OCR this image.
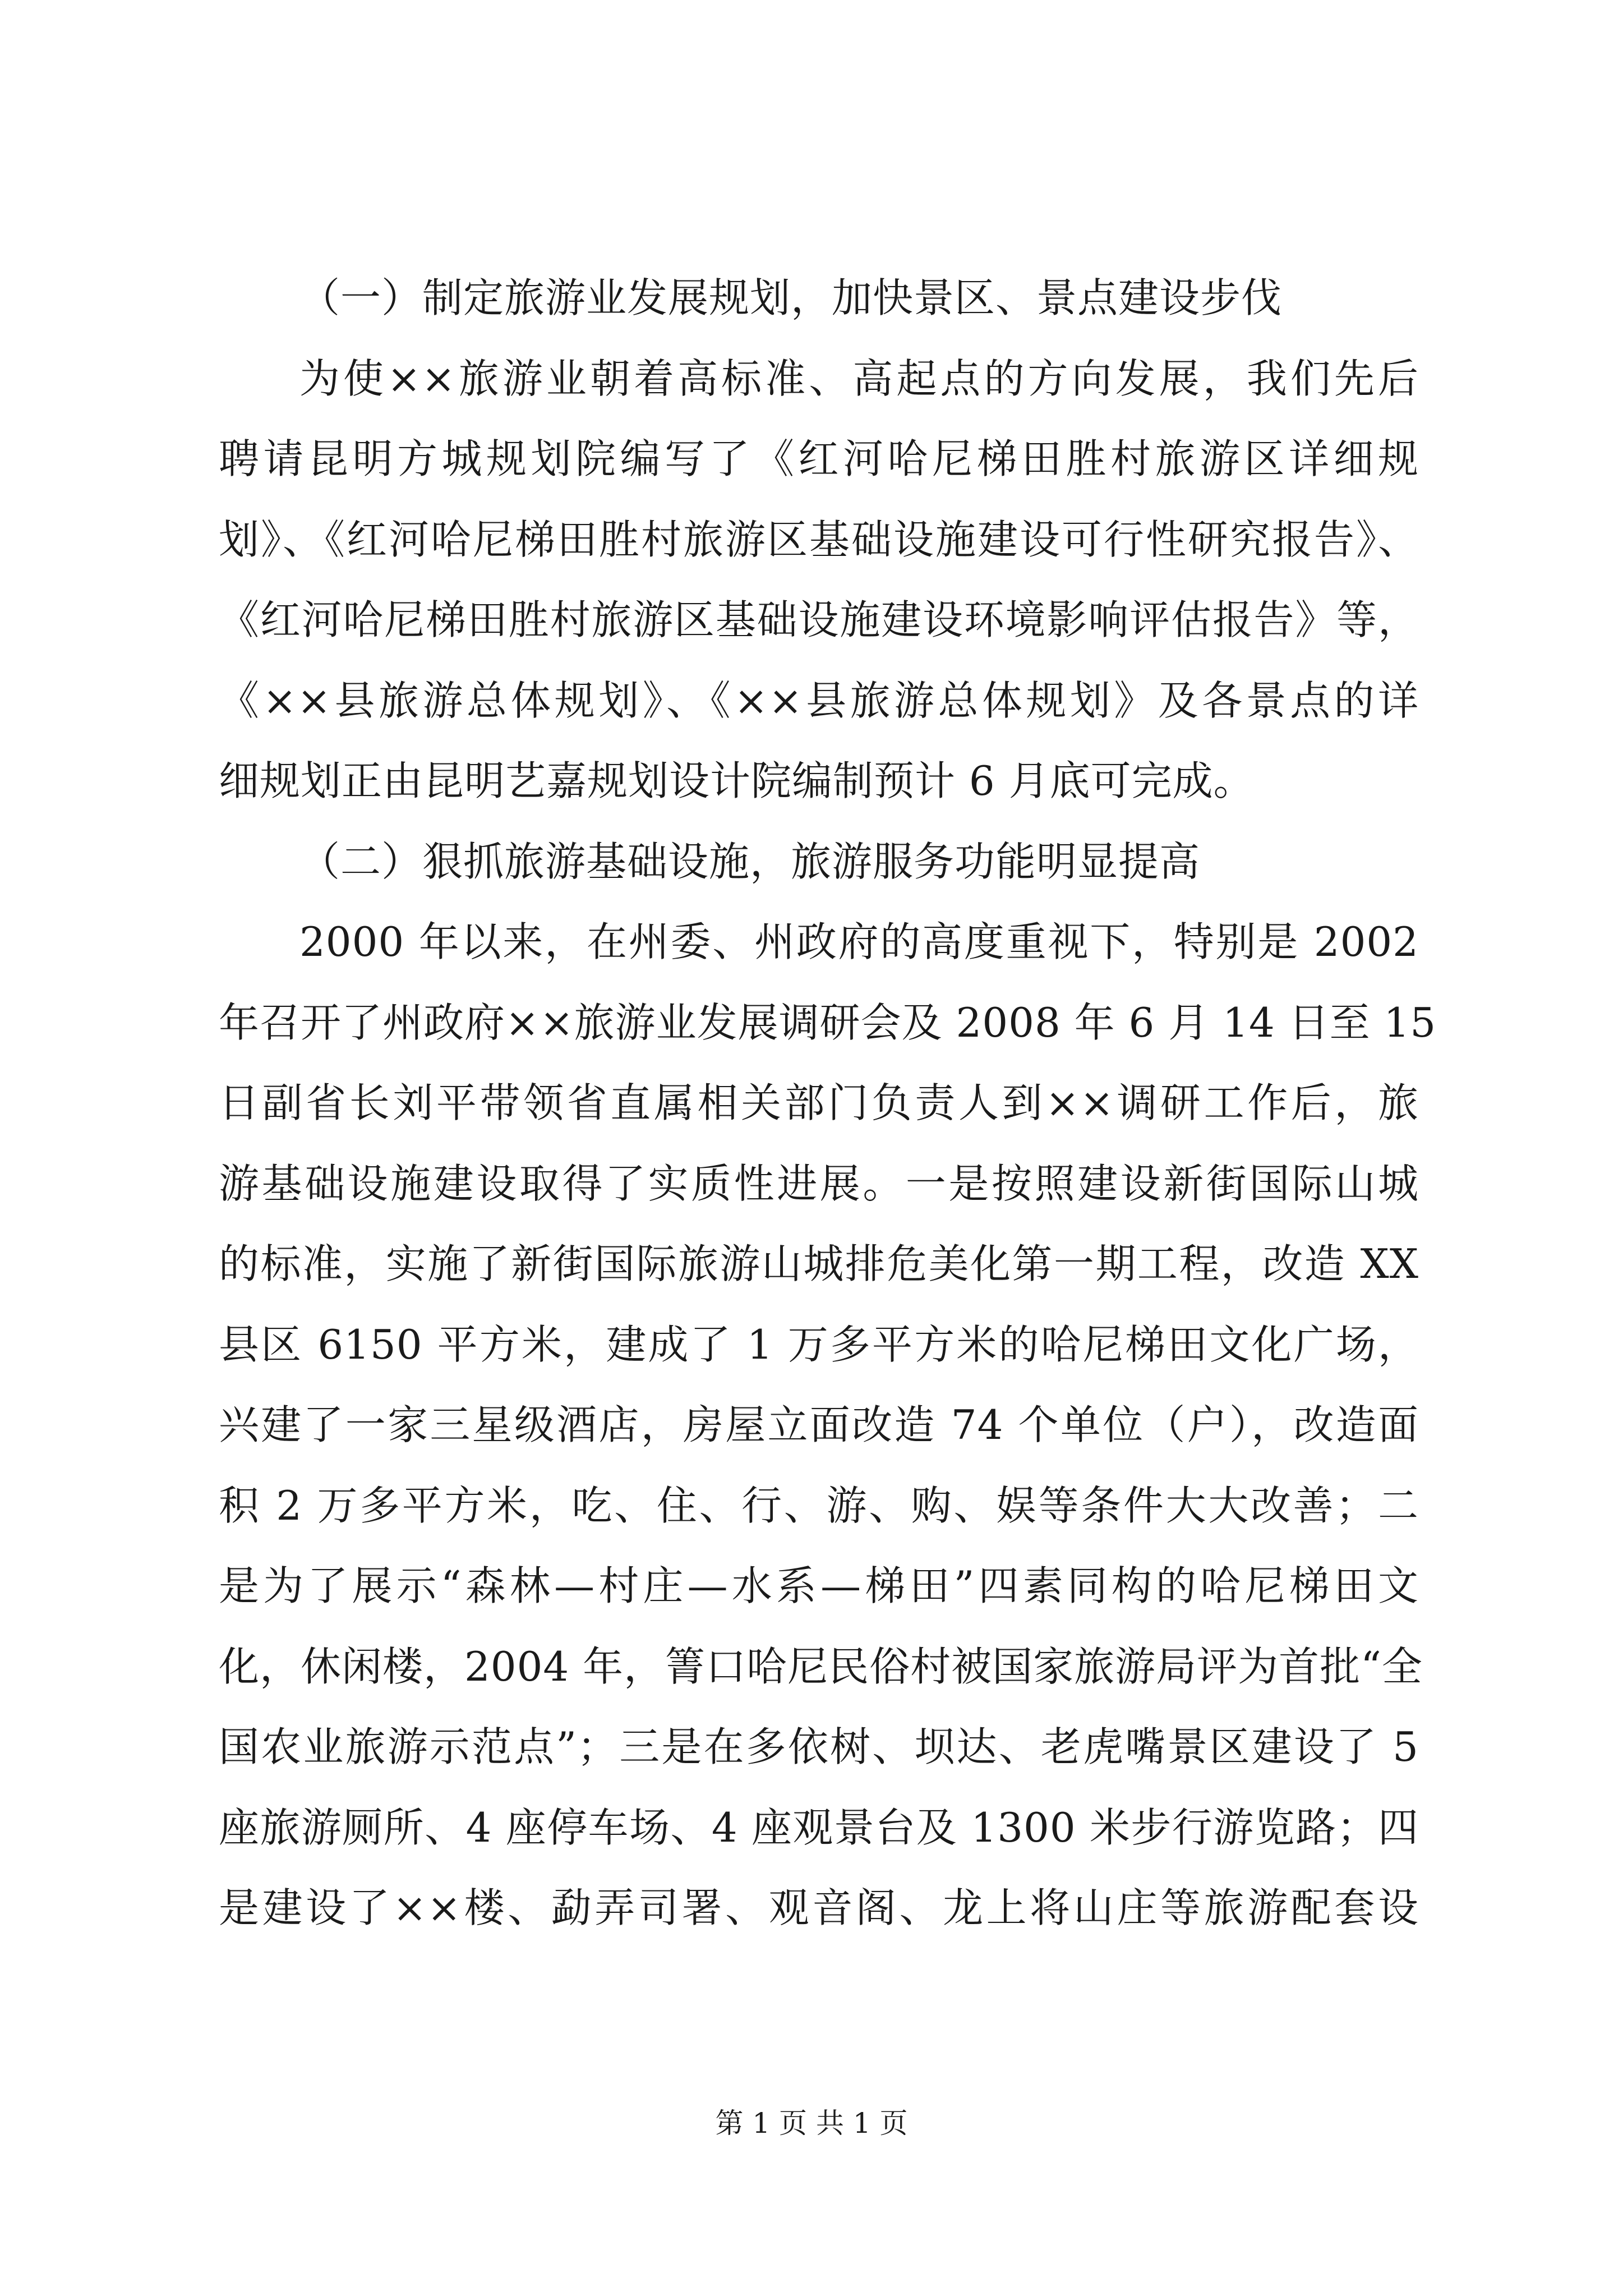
（一）制定旅游业发展规划，加快景区、景点建设步伐
为使××旅游业朝着高标准、高起点的方向发展，我们先后
聘请昆明方城规划院编写了《红河哈尼梯田胜村旅游区详细规
划》、《红河哈尼梯田胜村旅游区基础设施建设可行性研究报告》、
《红河哈尼梯田胜村旅游区基础设施建设环境影响评估报告》等，
《××县旅游总体规划》、《××县旅游总体规划》及各景点的详
细规划正由昆明艺嘉规划设计院编制预计 6 月底可完成。
（二）狠抓旅游基础设施，旅游服务功能明显提高
2000 年以来，在州委、州政府的高度重视下，特别是 2002
年召开了州政府××旅游业发展调研会及 2008 年 6 月 14 日至 15
日副省长刘平带领省直属相关部门负责人到××调研工作后，旅
游基础设施建设取得了实质性进展。一是按照建设新街国际山城
的标准，实施了新街国际旅游山城排危美化第一期工程，改造 XX
县区 6150 平方米，建成了 1 万多平方米的哈尼梯田文化广场，
兴建了一家三星级酒店，房屋立面改造 74 个单位（户），改造面
积 2 万多平方米，吃、住、行、游、购、娱等条件大大改善；二
是为了展示“森林—村庄—水系—梯田”四素同构的哈尼梯田文
化，休闲楼，2004 年，箐口哈尼民俗村被国家旅游局评为首批“全
国农业旅游示范点”；三是在多依树、坝达、老虎嘴景区建设了 5
座旅游厕所、4 座停车场、4 座观景台及 1300 米步行游览路；四
是建设了××楼、勐弄司署、观音阁、龙上将山庄等旅游配套设
第 1 页 共 1 页
